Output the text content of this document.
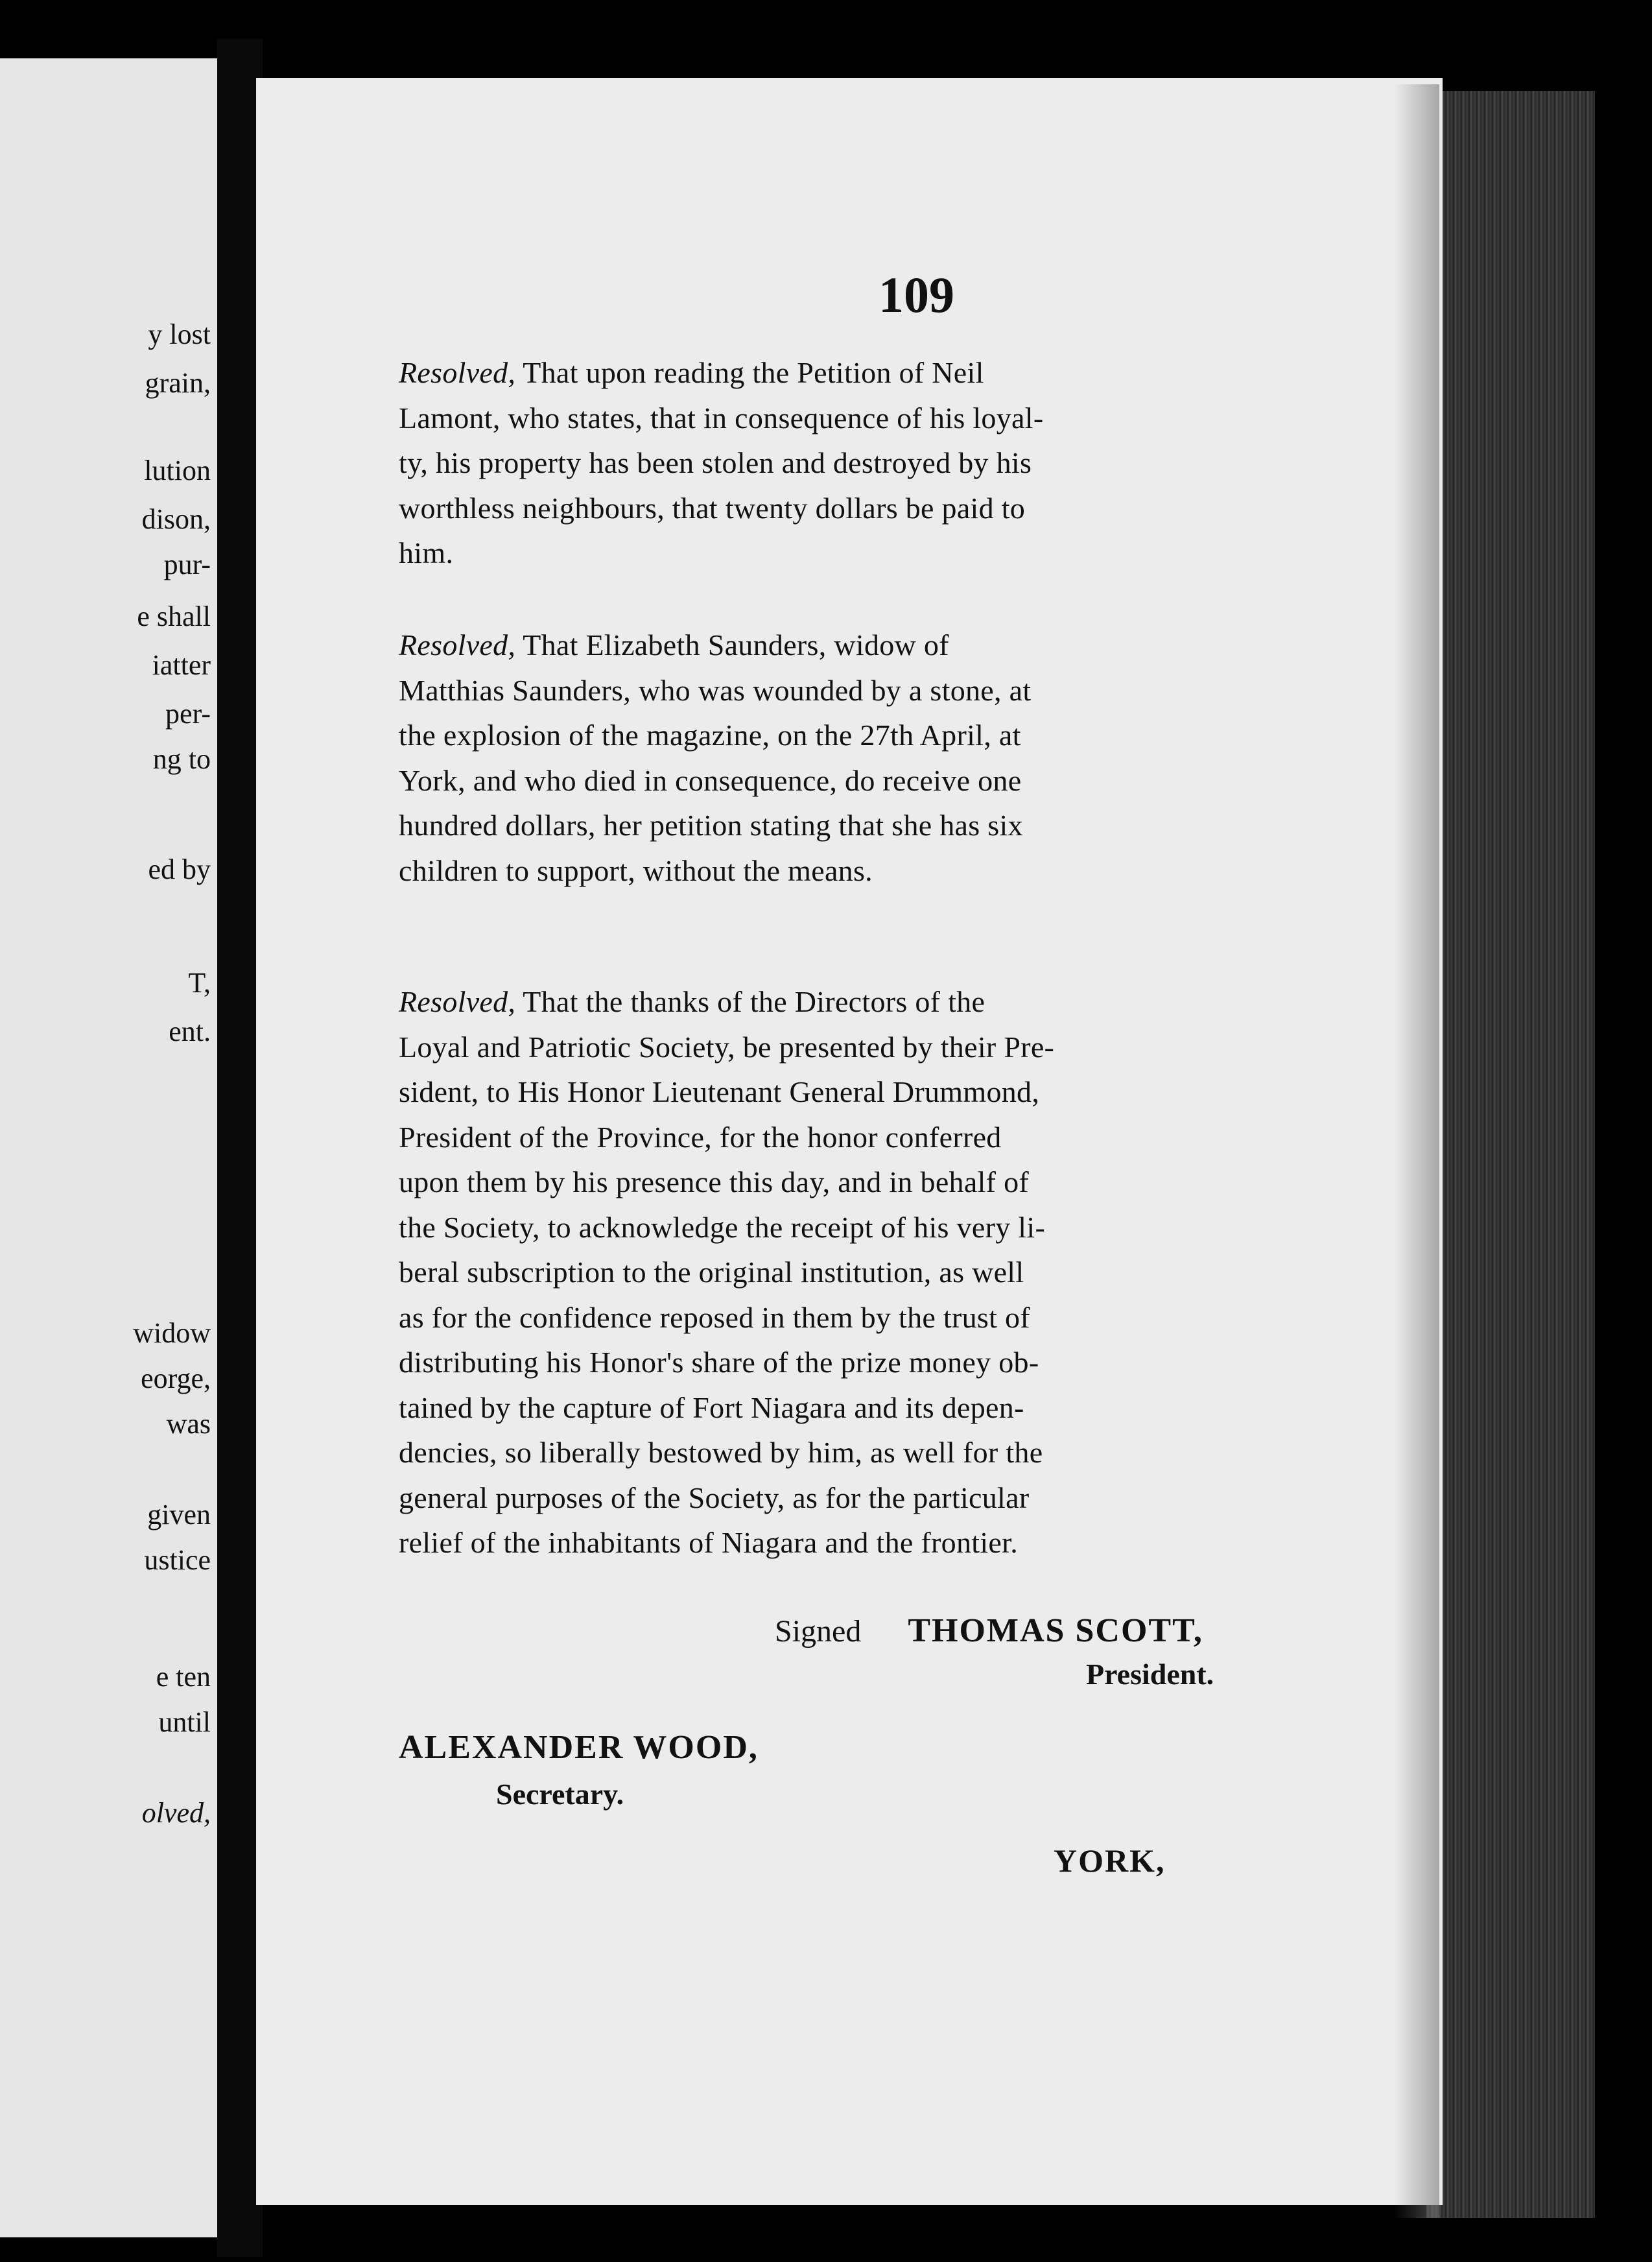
y lost
grain,
lution
dison,
pur-
e shall
iatter
per-
ng to
ed by
T,
ent.
widow
eorge,
was
given
ustice
e ten
until
olved,
109
Resolved, That upon reading the Petition of Neil
Lamont, who states, that in consequence of his loyal-
ty, his property has been stolen and destroyed by his
worthless neighbours, that twenty dollars be paid to
him.
Resolved, That Elizabeth Saunders, widow of
Matthias Saunders, who was wounded by a stone, at
the explosion of the magazine, on the 27th April, at
York, and who died in consequence, do receive one
hundred dollars, her petition stating that she has six
children to support, without the means.
Resolved, That the thanks of the Directors of the
Loyal and Patriotic Society, be presented by their Pre-
sident, to His Honor Lieutenant General Drummond,
President of the Province, for the honor conferred
upon them by his presence this day, and in behalf of
the Society, to acknowledge the receipt of his very li-
beral subscription to the original institution, as well
as for the confidence reposed in them by the trust of
distributing his Honor's share of the prize money ob-
tained by the capture of Fort Niagara and its depen-
dencies, so liberally bestowed by him, as well for the
general purposes of the Society, as for the particular
relief of the inhabitants of Niagara and the frontier.
Signed THOMAS SCOTT,
President.
ALEXANDER WOOD,
Secretary.
YORK,
